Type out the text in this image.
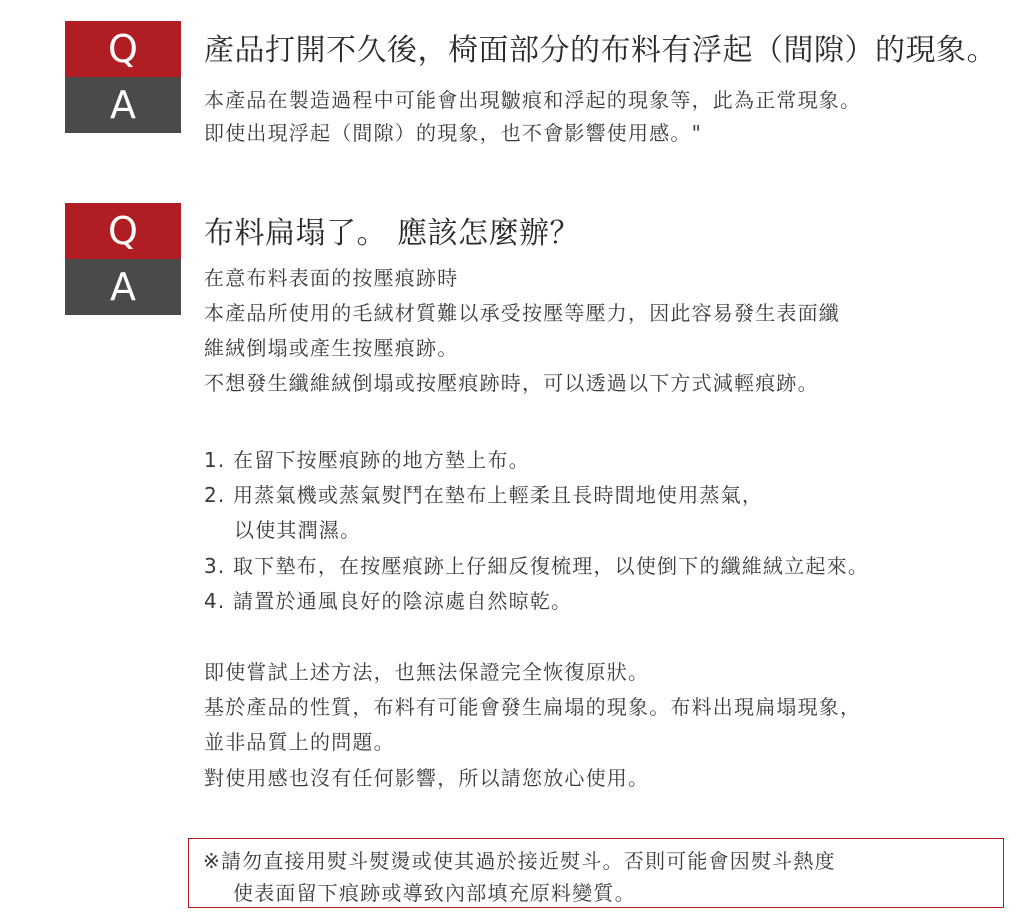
Q
A
產品打開不久後，椅面部分的布料有浮起（間隙）的現象。
本產品在製造過程中可能會出現皺痕和浮起的現象等，此為正常現象。
即使出現浮起（間隙）的現象，也不會影響使用感。"
Q
A
布料扁塌了。 應該怎麼辦？
在意布料表面的按壓痕跡時
本產品所使用的毛絨材質難以承受按壓等壓力，因此容易發生表面纖
維絨倒塌或產生按壓痕跡。
不想發生纖維絨倒塌或按壓痕跡時，可以透過以下方式減輕痕跡。
1. 在留下按壓痕跡的地方墊上布。
2. 用蒸氣機或蒸氣熨鬥在墊布上輕柔且長時間地使用蒸氣，
以使其潤濕。
3. 取下墊布，在按壓痕跡上仔細反復梳理，以使倒下的纖維絨立起來。
4. 請置於通風良好的陰涼處自然晾乾。
即使嘗試上述方法，也無法保證完全恢復原狀。
基於產品的性質，布料有可能會發生扁塌的現象。布料出現扁塌現象，
並非品質上的問題。
對使用感也沒有任何影響，所以請您放心使用。
※請勿直接用熨斗熨燙或使其過於接近熨斗。否則可能會因熨斗熱度
使表面留下痕跡或導致內部填充原料變質。
